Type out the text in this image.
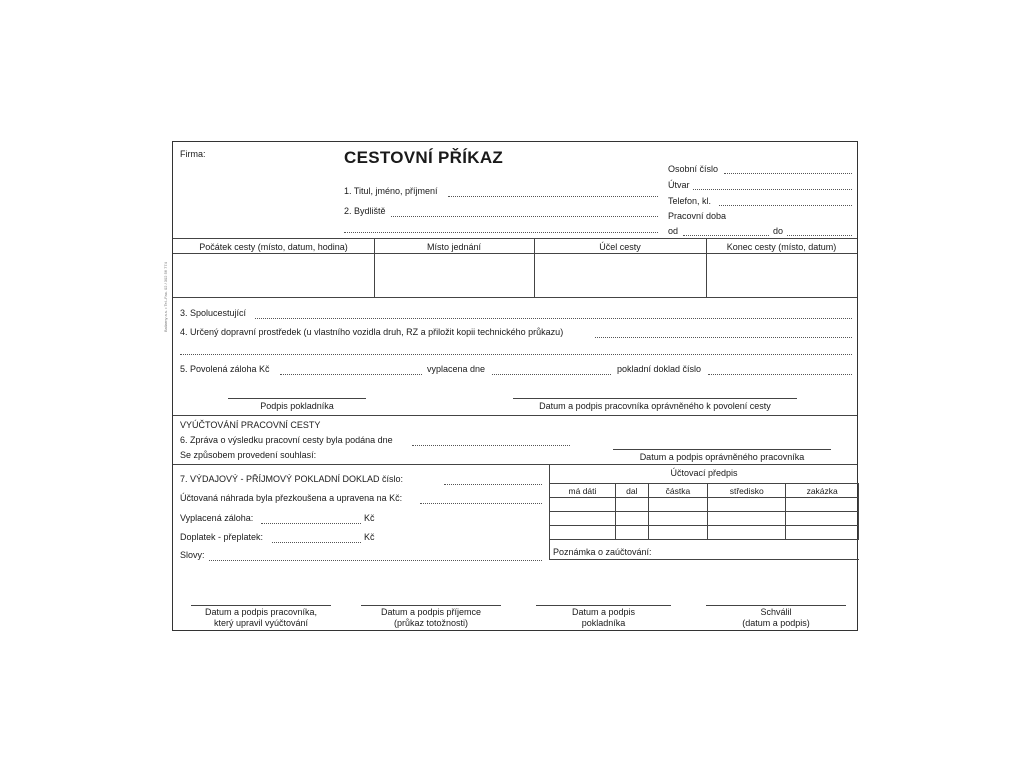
Baliarny a.s. • Tel.-Fax. 02 / 302 56 774
Firma:	CESTOVNÍ PŘÍKAZ
1. Titul, jméno, příjmení
2. Bydliště
Osobní číslo
Útvar
Telefon, kl.
Pracovní doba
od	do
Počátek cesty (místo, datum, hodina)	Místo jednání	Účel cesty	Konec cesty (místo, datum)
3. Spolucestující
4. Určený dopravní prostředek (u vlastního vozidla druh, RZ a přiložit kopii technického průkazu)
5. Povolená záloha Kč	vyplacena dne	pokladní doklad číslo
Podpis pokladníka	Datum a podpis pracovníka oprávněného k povolení cesty
VYÚČTOVÁNÍ PRACOVNÍ CESTY
6. Zpráva o výsledku pracovní cesty byla podána dne
Se způsobem provedení souhlasí:	Datum a podpis oprávněného pracovníka
7. VÝDAJOVÝ - PŘÍJMOVÝ POKLADNÍ DOKLAD číslo:
Účtovaná náhrada byla přezkoušena a upravena na Kč:
Vyplacená záloha:	Kč
Doplatek - přeplatek:	Kč
Slovy:
Účtovací předpis
má dáti	dal	částka	středisko	zakázka

Poznámka o zaúčtování:
Datum a podpis pracovníka,
který upravil vyúčtování
Datum a podpis příjemce
(průkaz totožnosti)
Datum a podpis
pokladníka
Schválil
(datum a podpis)
